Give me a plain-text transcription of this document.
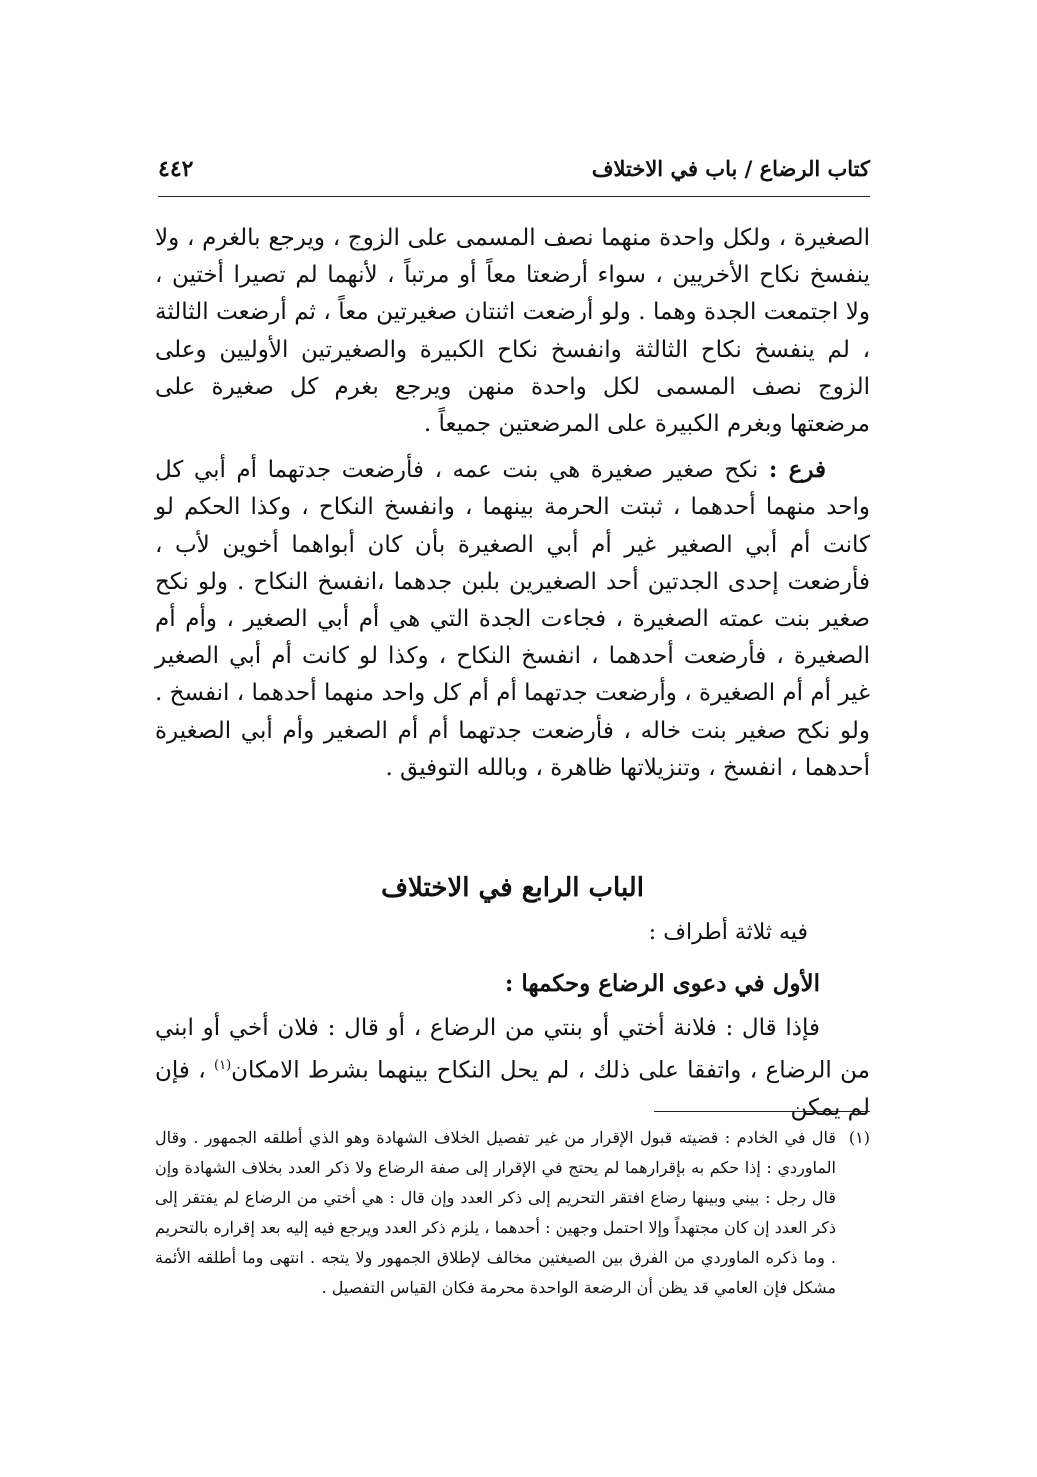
كتاب الرضاع / باب في الاختلاف
٤٤٢

الصغيرة ، ولكل واحدة منهما نصف المسمى على الزوج ، ويرجع بالغرم ، ولا ينفسخ نكاح الأخريين ، سواء أرضعتا معاً أو مرتباً ، لأنهما لم تصيرا أختين ، ولا اجتمعت الجدة وهما . ولو أرضعت اثنتان صغيرتين معاً ، ثم أرضعت الثالثة ، لم ينفسخ نكاح الثالثة وانفسخ نكاح الكبيرة والصغيرتين الأوليين وعلى الزوج نصف المسمى لكل واحدة منهن ويرجع بغرم كل صغيرة على مرضعتها وبغرم الكبيرة على المرضعتين جميعاً .

فرع : نكح صغير صغيرة هي بنت عمه ، فأرضعت جدتهما أم أبي كل واحد منهما أحدهما ، ثبتت الحرمة بينهما ، وانفسخ النكاح ، وكذا الحكم لو كانت أم أبي الصغير غير أم أبي الصغيرة بأن كان أبواهما أخوين لأب ، فأرضعت إحدى الجدتين أحد الصغيرين بلبن جدهما ،انفسخ النكاح . ولو نكح صغير بنت عمته الصغيرة ، فجاءت الجدة التي هي أم أبي الصغير ، وأم أم الصغيرة ، فأرضعت أحدهما ، انفسخ النكاح ، وكذا لو كانت أم أبي الصغير غير أم أم الصغيرة ، وأرضعت جدتهما أم أم كل واحد منهما أحدهما ، انفسخ . ولو نكح صغير بنت خاله ، فأرضعت جدتهما أم أم الصغير وأم أبي الصغيرة أحدهما ، انفسخ ، وتنزيلاتها ظاهرة ، وبالله التوفيق .

الباب الرابع في الاختلاف
فيه ثلاثة أطراف :
الأول في دعوى الرضاع وحكمها :

فإذا قال : فلانة أختي أو بنتي من الرضاع ، أو قال : فلان أخي أو ابني من الرضاع ، واتفقا على ذلك ، لم يحل النكاح بينهما بشرط الامكان$^{(١)}$ ، فإن لم يمكن

(١)
قال في الخادم : قضيته قبول الإقرار من غير تفصيل الخلاف الشهادة وهو الذي أطلقه الجمهور . وقال الماوردي : إذا حكم به بإقرارهما لم يحتج في الإقرار إلى صفة الرضاع ولا ذكر العدد بخلاف الشهادة وإن قال رجل : بيني وبينها رضاع افتقر التحريم إلى ذكر العدد وإن قال : هي أختي من الرضاع لم يفتقر إلى ذكر العدد إن كان مجتهداً وإلا احتمل وجهين : أحدهما ، يلزم ذكر العدد ويرجع فيه إليه بعد إقراره بالتحريم . وما ذكره الماوردي من الفرق بين الصيغتين مخالف لإطلاق الجمهور ولا يتجه . انتهى وما أطلقه الأئمة مشكل فإن العامي قد يظن أن الرضعة الواحدة محرمة فكان القياس التفصيل .
